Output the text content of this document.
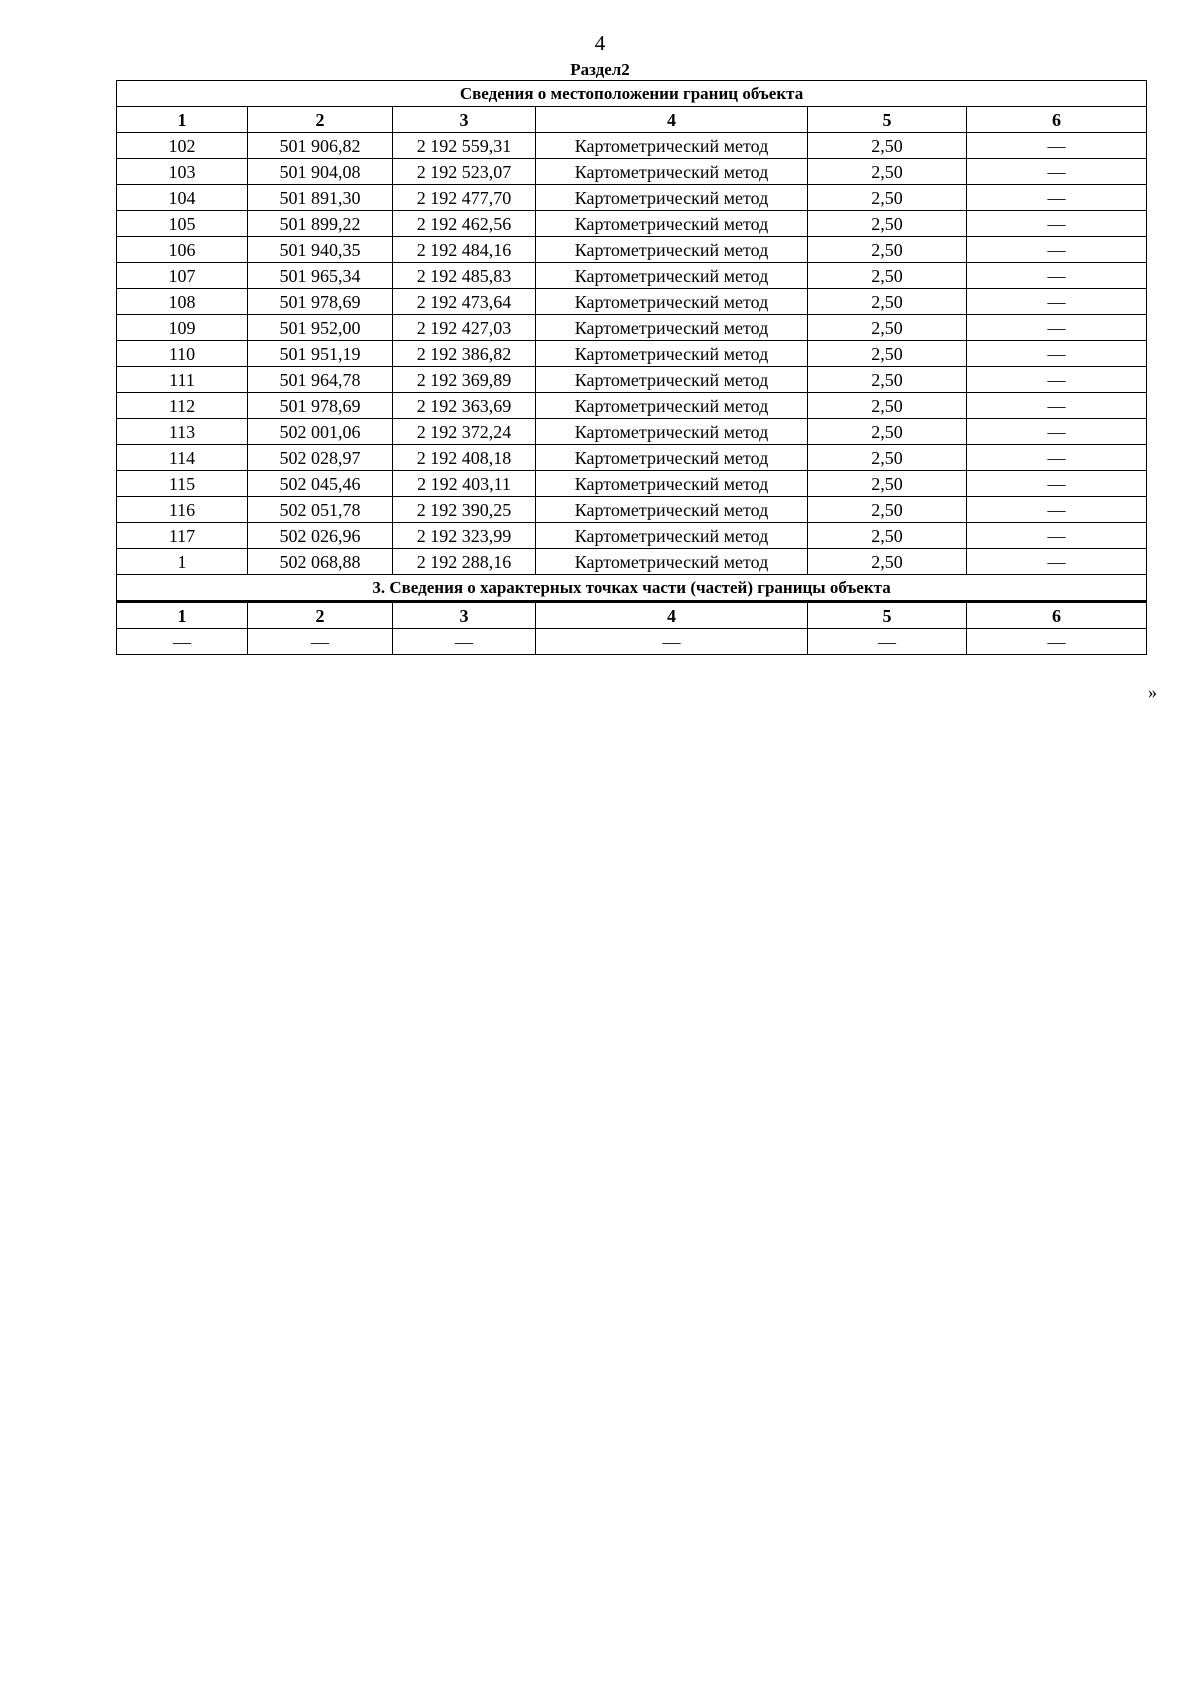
4
Раздел2
Сведения о местоположении границ объекта					
1	2	3	4	5	6
102	501 906,82	2 192 559,31	Картометрический метод	2,50	—
103	501 904,08	2 192 523,07	Картометрический метод	2,50	—
104	501 891,30	2 192 477,70	Картометрический метод	2,50	—
105	501 899,22	2 192 462,56	Картометрический метод	2,50	—
106	501 940,35	2 192 484,16	Картометрический метод	2,50	—
107	501 965,34	2 192 485,83	Картометрический метод	2,50	—
108	501 978,69	2 192 473,64	Картометрический метод	2,50	—
109	501 952,00	2 192 427,03	Картометрический метод	2,50	—
110	501 951,19	2 192 386,82	Картометрический метод	2,50	—
111	501 964,78	2 192 369,89	Картометрический метод	2,50	—
112	501 978,69	2 192 363,69	Картометрический метод	2,50	—
113	502 001,06	2 192 372,24	Картометрический метод	2,50	—
114	502 028,97	2 192 408,18	Картометрический метод	2,50	—
115	502 045,46	2 192 403,11	Картометрический метод	2,50	—
116	502 051,78	2 192 390,25	Картометрический метод	2,50	—
117	502 026,96	2 192 323,99	Картометрический метод	2,50	—
1	502 068,88	2 192 288,16	Картометрический метод	2,50	—
3. Сведения о характерных точках части (частей) границы объекта					
1	2	3	4	5	6
—	—	—	—	—	—
»
